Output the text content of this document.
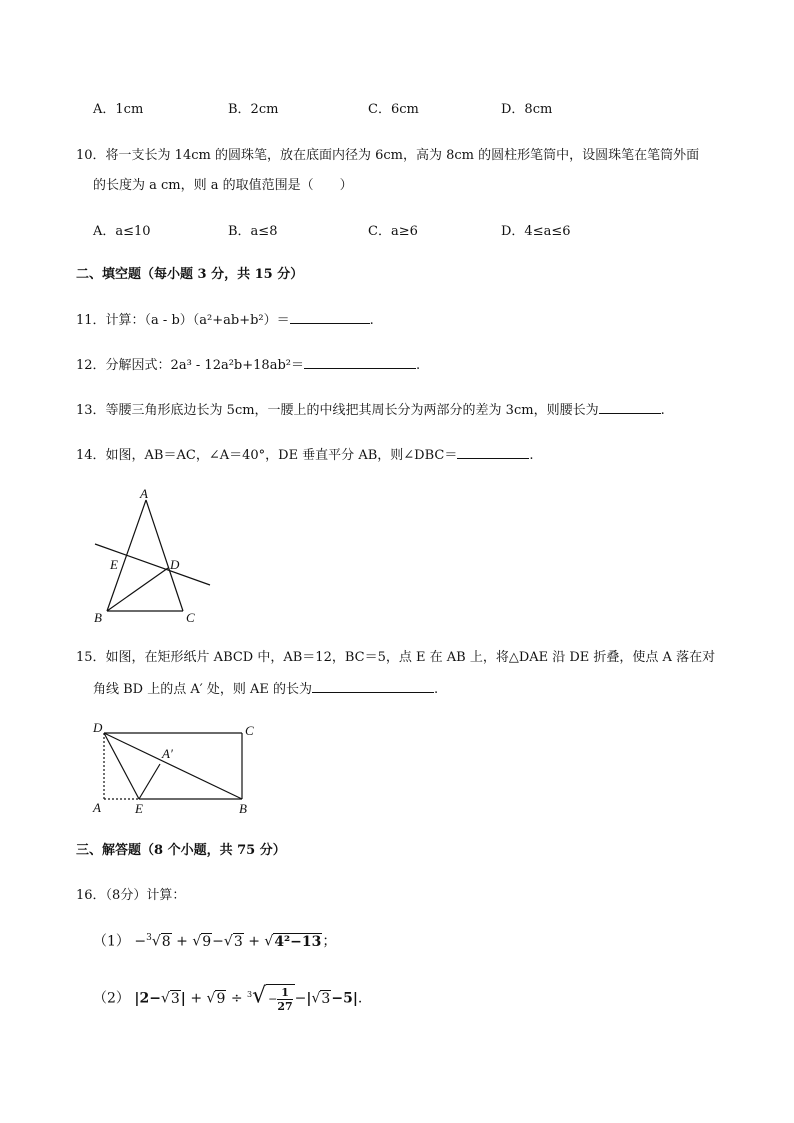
A．1cm	B．2cm	C．6cm	D．8cm
10．将一支长为 14cm 的圆珠笔，放在底面内径为 6cm，高为 8cm 的圆柱形笔筒中，设圆珠笔在笔筒外面
的长度为 a cm，则 a 的取值范围是（　　）
A．a≤10	B．a≤8	C．a≥6	D．4≤a≤6
二、填空题（每小题 3 分，共 15 分）
11．计算：（a - b）（a²+ab+b²）＝	.
12．分解因式：2a³ - 12a²b+18ab²＝	.
13．等腰三角形底边长为 5cm，一腰上的中线把其周长分为两部分的差为 3cm，则腰长为	.
14．如图，AB＝AC，∠A＝40°，DE 垂直平分 AB，则∠DBC＝	.
A
E	D
B	C
15．如图，在矩形纸片 ABCD 中，AB＝12，BC＝5，点 E 在 AB 上，将△DAE 沿 DE 折叠，使点 A 落在对
角线 BD 上的点 A′ 处，则 AE 的长为	.
D	C
A′
A	E	B
三、解答题（8 个小题，共 75 分）
16．（8分）计算：
（1） −$^3$√8 + √9−√3 + √4²−13；
（2） $|2-√3| + √9 \div ^3√ - \frac{1}{27} -|√3-5|$.
